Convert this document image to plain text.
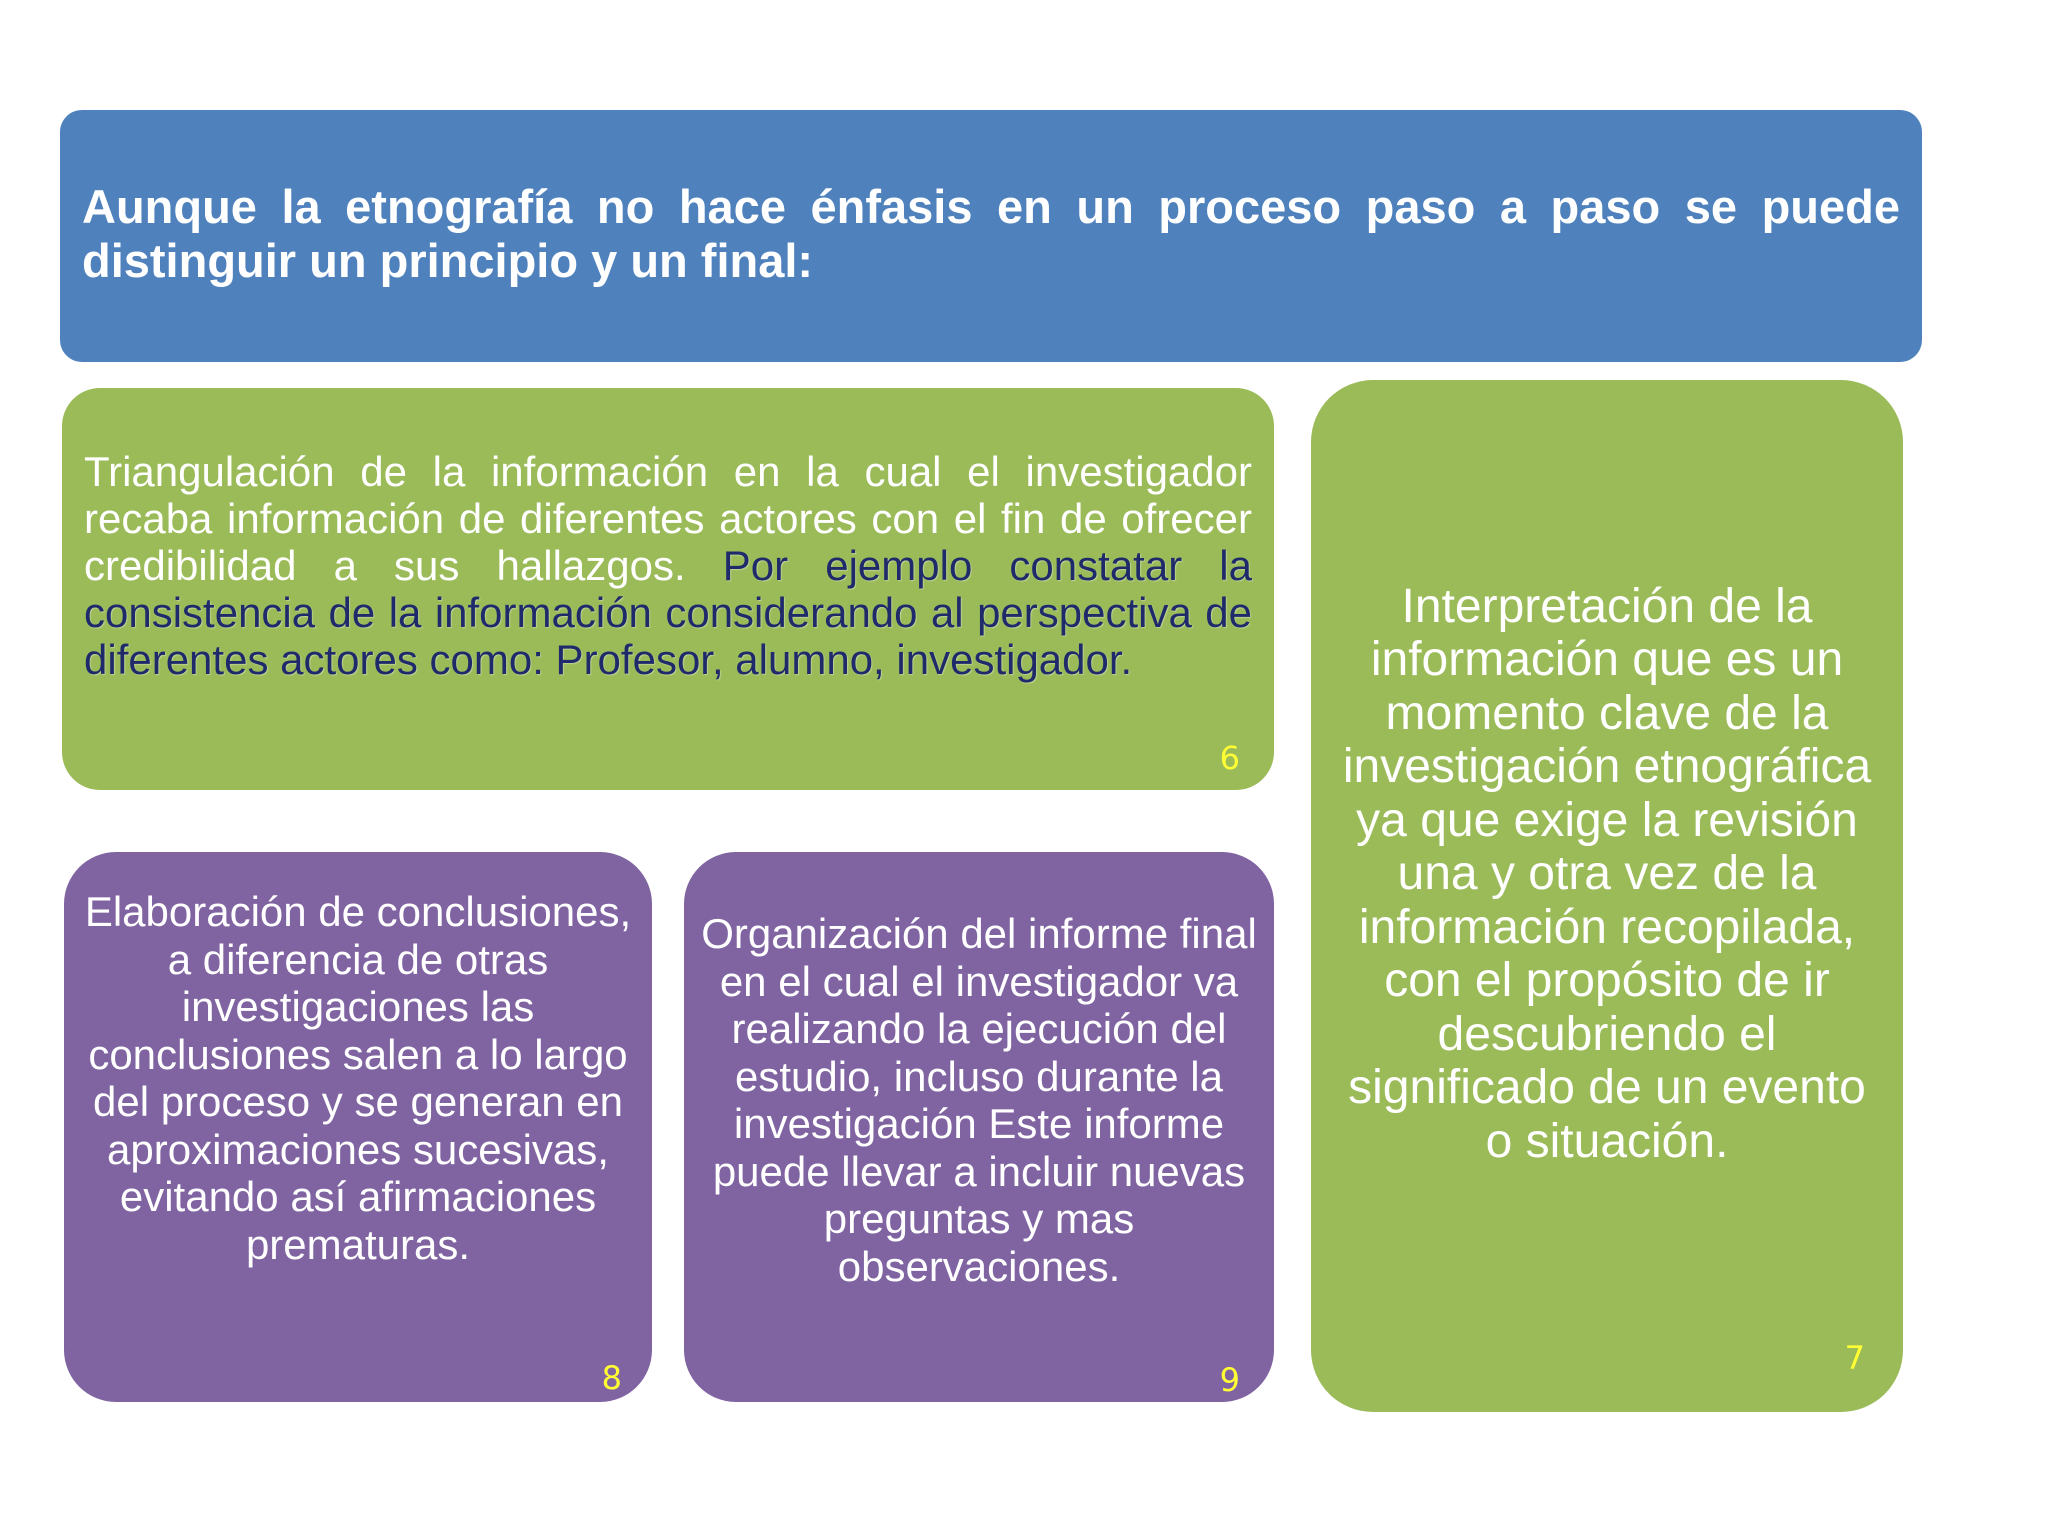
Aunque la etnografía no hace énfasis en un proceso paso a paso se puede distinguir un principio y un final:

Triangulación de la información en la cual el investigador recaba información de diferentes actores con el fin de ofrecer credibilidad a sus hallazgos. Por ejemplo constatar la consistencia de la información considerando al perspectiva de diferentes actores como: Profesor, alumno, investigador.

6

Interpretación de la información que es un momento clave de la investigación etnográfica ya que exige la revisión una y otra vez de la información recopilada, con el propósito de ir descubriendo el significado de un evento o situación.

7

Elaboración de conclusiones, a diferencia de otras investigaciones las conclusiones salen a lo largo del proceso y se generan en aproximaciones sucesivas, evitando así afirmaciones prematuras.

8

Organización del informe final en el cual el investigador va realizando la ejecución del estudio, incluso durante la investigación Este informe puede llevar a incluir nuevas preguntas y mas observaciones.

9
